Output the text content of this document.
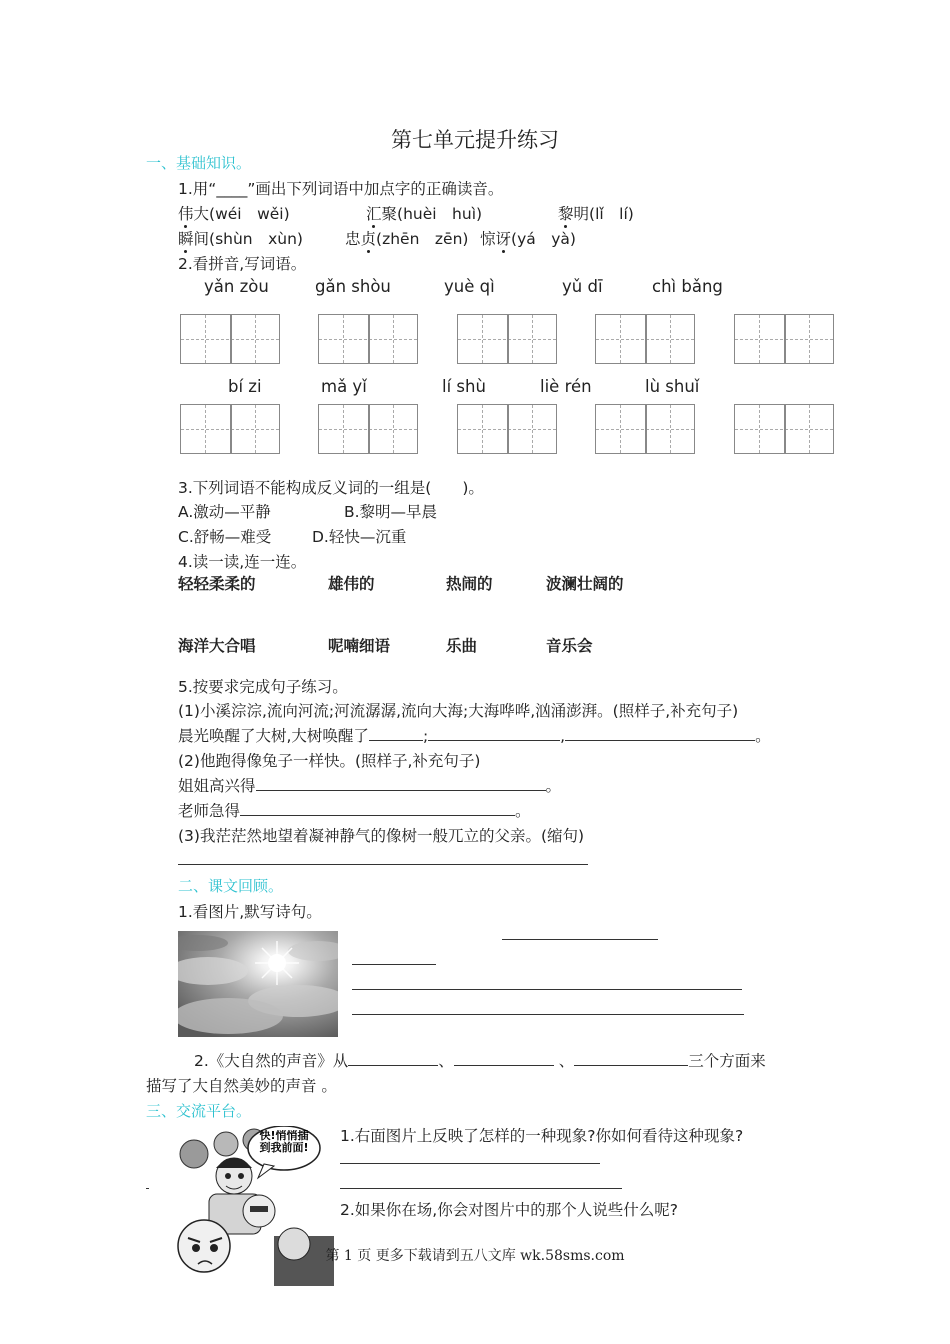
第七单元提升练习
一、基础知识。
1.用“____”画出下列词语中加点字的正确读音。
伟大(wéi　wěi)	汇聚(huèi　huì)	黎明(lǐ　lí)
瞬间(shùn　xùn)	忠贞(zhēn　zēn) 惊讶(yá　yà)
2.看拼音,写词语。
yǎn zòu	gǎn shòu	yuè qì	yǔ dī	chì bǎng
bí zi	mǎ yǐ	lí shù	liè rén	lù shuǐ
3.下列词语不能构成反义词的一组是(　　)。
A.激动—平静	B.黎明—早晨
C.舒畅—难受	D.轻快—沉重
4.读一读,连一连。
轻轻柔柔的	雄伟的	热闹的	波澜壮阔的
海洋大合唱	呢喃细语	乐曲	音乐会
5.按要求完成句子练习。
(1)小溪淙淙,流向河流;河流潺潺,流向大海;大海哗哗,汹涌澎湃。(照样子,补充句子)
晨光唤醒了大树,大树唤醒了	;	,	。
(2)他跑得像兔子一样快。(照样子,补充句子)
姐姐高兴得	。
老师急得	。
(3)我茫茫然地望着凝神静气的像树一般兀立的父亲。(缩句)
二、课文回顾。
1.看图片,默写诗句。
2.《大自然的声音》从	、	、	三个方面来
描写了大自然美妙的声音 。
三、交流平台。
1.右面图片上反映了怎样的一种现象?你如何看待这种现象?
2.如果你在场,你会对图片中的那个人说些什么呢?
快!悄悄插到我前面!
第 1 页 更多下载请到五八文库 wk.58sms.com
